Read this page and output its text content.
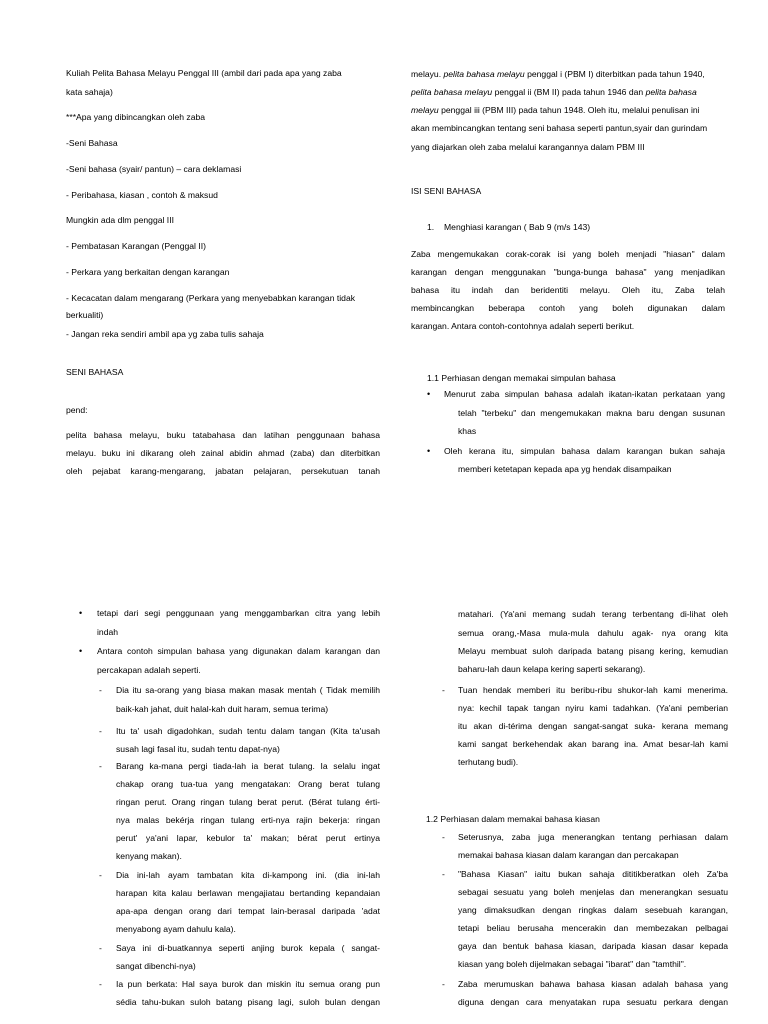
Kuliah Pelita Bahasa Melayu Penggal III (ambil dari pada apa yang zaba
kata sahaja)
***Apa yang dibincangkan oleh zaba
-Seni Bahasa
-Seni bahasa (syair/ pantun) – cara deklamasi
- Peribahasa, kiasan , contoh & maksud
Mungkin ada dlm penggal III
- Pembatasan Karangan (Penggal II)
- Perkara yang berkaitan dengan karangan
- Kecacatan dalam mengarang (Perkara yang menyebabkan karangan tidak
berkualiti)
- Jangan reka sendiri ambil apa yg zaba tulis sahaja
SENI BAHASA
pend:
pelita bahasa melayu, buku tatabahasa dan latihan penggunaan bahasa
melayu. buku ini dikarang oleh zainal abidin ahmad (zaba) dan diterbitkan
oleh pejabat karang-mengarang, jabatan pelajaran, persekutuan tanah
melayu. pelita bahasa melayu penggal i (PBM I) diterbitkan pada tahun 1940,
pelita bahasa melayu penggal ii (BM II) pada tahun 1946 dan pelita bahasa
melayu penggal iii (PBM III) pada tahun 1948. Oleh itu, melalui penulisan ini
akan membincangkan tentang seni bahasa seperti pantun,syair dan gurindam
yang diajarkan oleh zaba melalui karangannya dalam PBM III
ISI SENI BAHASA
1. Menghiasi karangan ( Bab 9 (m/s 143)
Zaba mengemukakan corak-corak isi yang boleh menjadi "hiasan" dalam
karangan dengan menggunakan "bunga-bunga bahasa" yang menjadikan
bahasa itu indah dan beridentiti melayu. Oleh itu, Zaba telah
membincangkan beberapa contoh yang boleh digunakan dalam
karangan. Antara contoh-contohnya adalah seperti berikut.
1.1 Perhiasan dengan memakai simpulan bahasa
• Menurut zaba simpulan bahasa adalah ikatan-ikatan perkataan yang
telah "terbeku" dan mengemukakan makna baru dengan susunan
khas
• Oleh kerana itu, simpulan bahasa dalam karangan bukan sahaja
memberi ketetapan kepada apa yg hendak disampaikan
• tetapi dari segi penggunaan yang menggambarkan citra yang lebih
indah
• Antara contoh simpulan bahasa yang digunakan dalam karangan dan
percakapan adalah seperti.
- Dia itu sa-orang yang biasa makan masak mentah ( Tidak memilih
baik-kah jahat, duit halal-kah duit haram, semua terima)
- Itu ta' usah digadohkan, sudah tentu dalam tangan (Kita ta'usah
susah lagi fasal itu, sudah tentu dapat-nya)
- Barang ka-mana pergi tiada-lah ia berat tulang. Ia selalu ingat
chakap orang tua-tua yang mengatakan: Orang berat tulang
ringan perut. Orang ringan tulang berat perut. (Bérat tulang érti-
nya malas bekérja ringan tulang erti-nya rajin bekerja: ringan
perut' ya'ani lapar, kebulor ta' makan; bérat perut ertinya
kenyang makan).
- Dia ini-lah ayam tambatan kita di-kampong ini. (dia ini-lah
harapan kita kalau berlawan mengajiatau bertanding kepandaian
apa-apa dengan orang dari tempat lain-berasal daripada 'adat
menyabong ayam dahulu kala).
- Saya ini di-buatkannya seperti anjing burok kepala ( sangat-
sangat dibenchi-nya)
- Ia pun berkata: Hal saya burok dan miskin itu semua orang pun
sédia tahu-bukan suloh batang pisang lagi, suloh bulan dengan
matahari. (Ya'ani memang sudah terang terbentang di-lihat oleh
semua orang,-Masa mula-mula dahulu agak- nya orang kita
Melayu membuat suloh daripada batang pisang kering, kemudian
baharu-lah daun kelapa kering saperti sekarang).
- Tuan hendak memberi itu beribu-ribu shukor-lah kami menerima.
nya: kechil tapak tangan nyiru kami tadahkan. (Ya'ani pemberian
itu akan di-térima dengan sangat-sangat suka- kerana memang
kami sangat berkehendak akan barang ina. Amat besar-lah kami
terhutang budi).
1.2 Perhiasan dalam memakai bahasa kiasan
- Seterusnya, zaba juga menerangkan tentang perhiasan dalam
memakai bahasa kiasan dalam karangan dan percakapan
- "Bahasa Kiasan" iaitu bukan sahaja dititikberatkan oleh Za'ba
sebagai sesuatu yang boleh menjelas dan menerangkan sesuatu
yang dimaksudkan dengan ringkas dalam sesebuah karangan,
tetapi beliau berusaha mencerakin dan membezakan pelbagai
gaya dan bentuk bahasa kiasan, daripada kiasan dasar kepada
kiasan yang boleh dijelmakan sebagai "ibarat" dan "tamthil".
- Zaba merumuskan bahawa bahasa kiasan adalah bahasa yang
diguna dengan cara menyatakan rupa sesuatu perkara dengan
